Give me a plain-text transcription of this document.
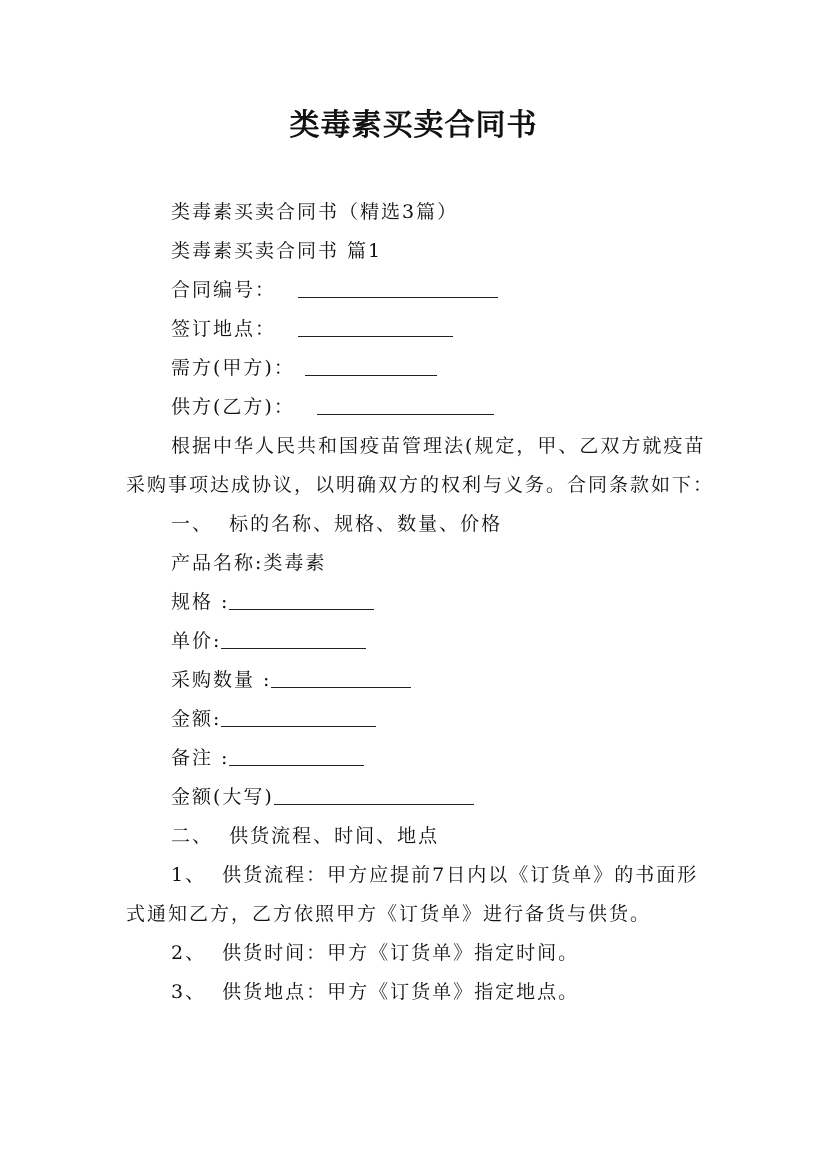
类毒素买卖合同书
类毒素买卖合同书（精选3篇）
类毒素买卖合同书 篇1
合同编号：
签订地点：
需方(甲方)：
供方(乙方)：
根据中华人民共和国疫苗管理法(规定，甲、乙双方就疫苗采购事项达成协议，以明确双方的权利与义务。合同条款如下：
一、  标的名称、规格、数量、价格
产品名称:类毒素
规格 :
单价:
采购数量 :
金额:
备注 :
金额(大写)
二、  供货流程、时间、地点
1、  供货流程：甲方应提前7日内以《订货单》的书面形式通知乙方，乙方依照甲方《订货单》进行备货与供货。
2、  供货时间：甲方《订货单》指定时间。
3、  供货地点：甲方《订货单》指定地点。
